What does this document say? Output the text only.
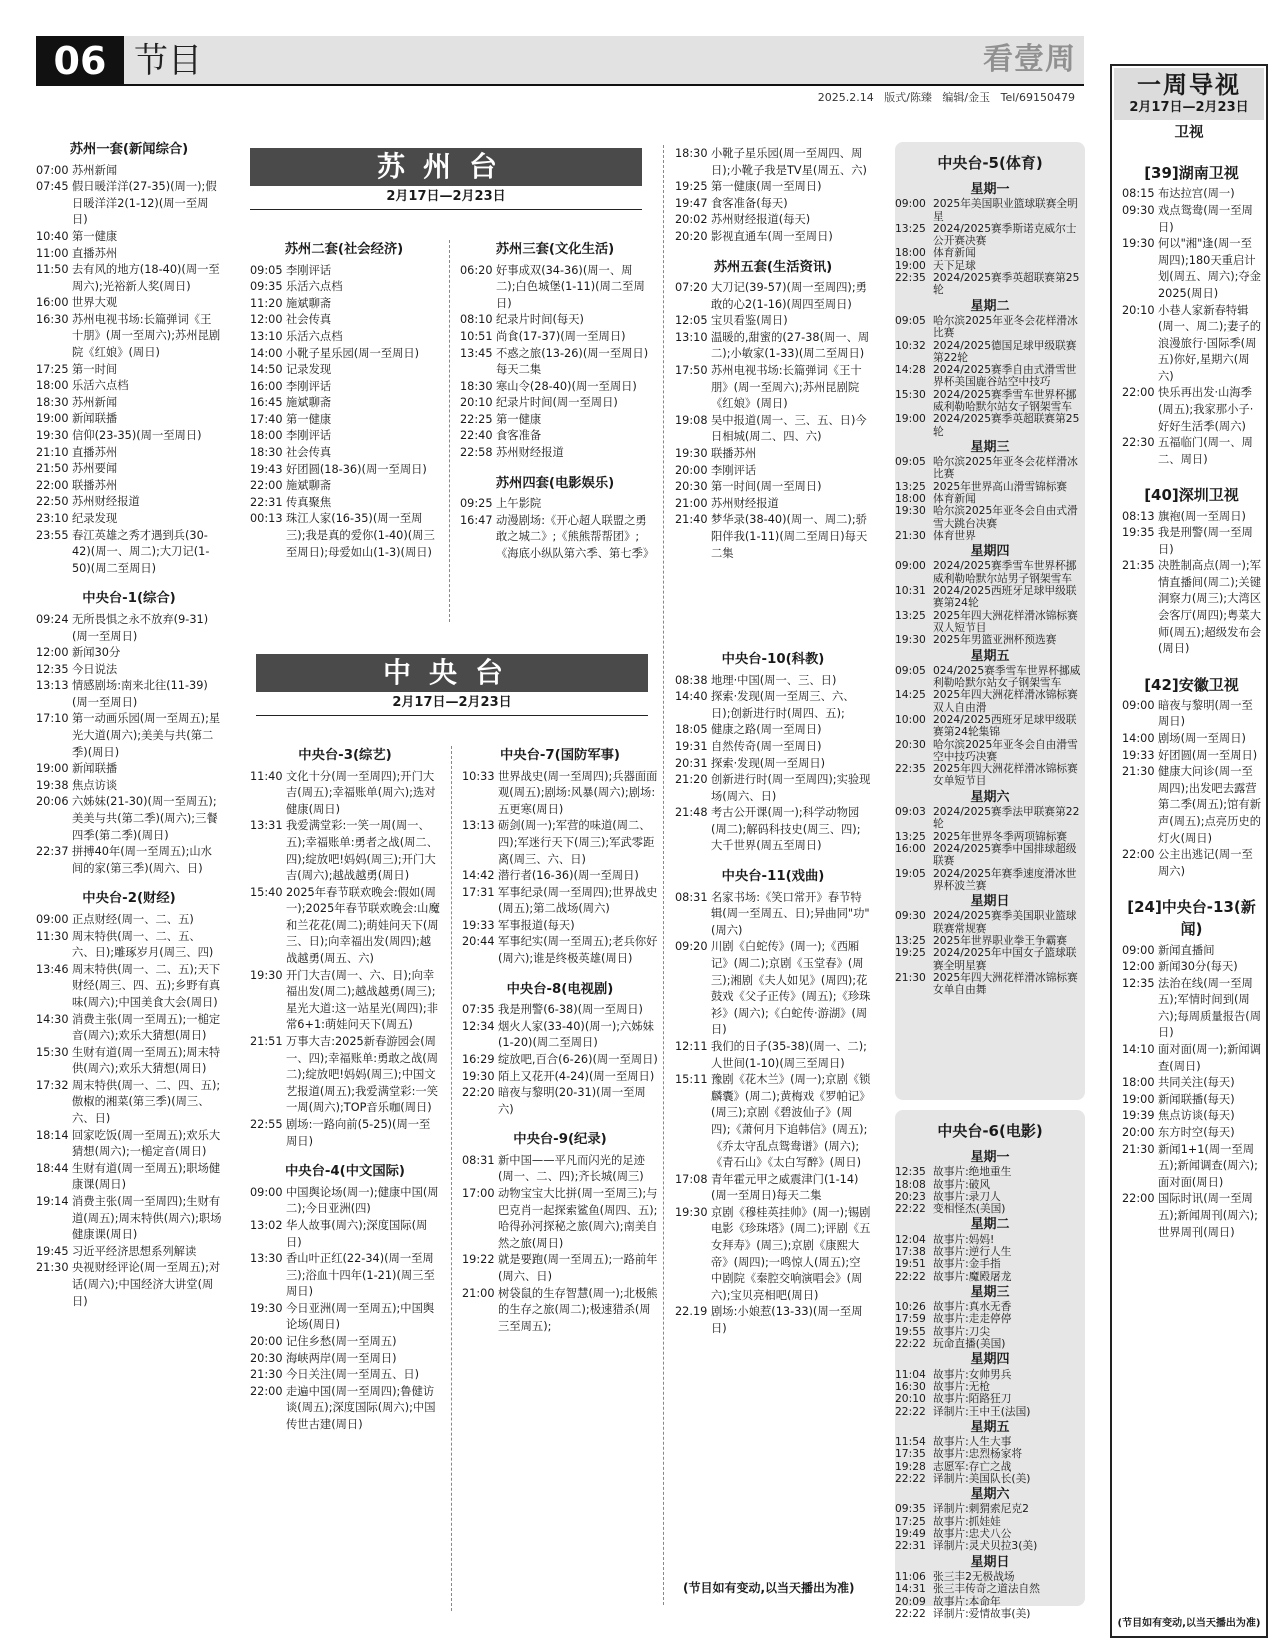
06 节目	看壹周
2025.2.14   版式/陈臻   编辑/金玉   Tel/69150479
苏州一套(新闻综合)
07:00 苏州新闻
07:45 假日暖洋洋(27-35)(周一);假日暖洋洋2(1-12)(周一至周日)
10:40 第一健康
11:00 直播苏州
11:50 去有风的地方(18-40)(周一至周六);光裕新人奖(周日)
16:00 世界大观
16:30 苏州电视书场:长篇弹词《王十朋》(周一至周六);苏州昆剧院《红娘》(周日)
17:25 第一时间
18:00 乐活六点档
18:30 苏州新闻
19:00 新闻联播
19:30 信仰(23-35)(周一至周日)
21:10 直播苏州
21:50 苏州要闻
22:00 联播苏州
22:50 苏州财经报道
23:10 纪录发现
23:55 春江英雄之秀才遇到兵(30-42)(周一、周二);大刀记(1-50)(周二至周日)
中央台-1(综合)
09:24 无所畏惧之永不放弃(9-31)(周一至周日)
12:00 新闻30分
12:35 今日说法
13:13 情感剧场:南来北往(11-39)(周一至周日)
17:10 第一动画乐园(周一至周五);星光大道(周六);美美与共(第二季)(周日)
19:00 新闻联播
19:38 焦点访谈
20:06 六姊妹(21-30)(周一至周五);美美与共(第二季)(周六);三餐四季(第二季)(周日)
22:37 拼搏40年(周一至周五);山水间的家(第三季)(周六、日)
中央台-2(财经)
09:00 正点财经(周一、二、五)
11:30 周末特供(周一、二、五、六、日);雕琢岁月(周三、四)
13:46 周末特供(周一、二、五);天下财经(周三、四、五);乡野有真味(周六);中国美食大会(周日)
14:30 消费主张(周一至周五);一槌定音(周六);欢乐大猜想(周日)
15:30 生财有道(周一至周五);周末特供(周六);欢乐大猜想(周日)
17:32 周末特供(周一、二、四、五);傲椒的湘菜(第三季)(周三、六、日)
18:14 回家吃饭(周一至周五);欢乐大猜想(周六);一槌定音(周日)
18:44 生财有道(周一至周五);职场健康课(周日)
19:14 消费主张(周一至周四);生财有道(周五);周末特供(周六);职场健康课(周日)
19:45 习近平经济思想系列解读
21:30 央视财经评论(周一至周五);对话(周六);中国经济大讲堂(周日)
苏州台
2月17日—2月23日
苏州二套(社会经济)
09:05 李刚评话
09:35 乐活六点档
11:20 施斌聊斋
12:00 社会传真
13:10 乐活六点档
14:00 小靴子星乐园(周一至周日)
14:50 记录发现
16:00 李刚评话
16:45 施斌聊斋
17:40 第一健康
18:00 李刚评话
18:30 社会传真
19:43 好团圆(18-36)(周一至周日)
22:00 施斌聊斋
22:31 传真聚焦
00:13 珠江人家(16-35)(周一至周三);我是真的爱你(1-40)(周三至周日);母爱如山(1-3)(周日)
苏州三套(文化生活)
06:20 好事成双(34-36)(周一、周二);白色城堡(1-11)(周二至周日)
08:10 纪录片时间(每天)
10:51 尚食(17-37)(周一至周日)
13:45 不惑之旅(13-26)(周一至周日)每天二集
18:30 寒山令(28-40)(周一至周日)
20:10 纪录片时间(周一至周日)
22:25 第一健康
22:40 食客准备
22:58 苏州财经报道
苏州四套(电影娱乐)
09:25 上午影院
16:47 动漫剧场:《开心超人联盟之勇敢之城二》;《熊熊帮帮团》;《海底小纵队第六季、第七季》
18:30 小靴子星乐园(周一至周四、周日);小靴子我是TV星(周五、六)
19:25 第一健康(周一至周日)
19:47 食客准备(每天)
20:02 苏州财经报道(每天)
20:20 影视直通车(周一至周日)
苏州五套(生活资讯)
07:20 大刀记(39-57)(周一至周四);勇敢的心2(1-16)(周四至周日)
12:05 宝贝看鉴(周日)
13:10 温暖的,甜蜜的(27-38(周一、周二);小敏家(1-33)(周二至周日)
17:50 苏州电视书场:长篇弹词《王十朋》(周一至周六);苏州昆剧院《红娘》(周日)
19:08 吴中报道(周一、三、五、日)今日相城(周二、四、六)
19:30 联播苏州
20:00 李刚评话
20:30 第一时间(周一至周日)
21:00 苏州财经报道
21:40 梦华录(38-40)(周一、周二);骄阳伴我(1-11)(周二至周日)每天二集
中央台
2月17日—2月23日
中央台-3(综艺)
11:40 文化十分(周一至周四);开门大吉(周五);幸福账单(周六);选对健康(周日)
13:31 我爱满堂彩:一笑一周(周一、五);幸福账单:勇者之战(周二、四);绽放吧!妈妈(周三);开门大吉(周六);越战越勇(周日)
15:40 2025年春节联欢晚会:假如(周一);2025年春节联欢晚会:山魔和兰花花(周二);萌娃问天下(周三、日);向幸福出发(周四);越战越勇(周五、六)
19:30 开门大吉(周一、六、日);向幸福出发(周二);越战越勇(周三);星光大道:这一站星光(周四);非常6+1:萌娃问天下(周五)
21:51 万事大吉:2025新春游园会(周一、四);幸福账单:勇敢之战(周二);绽放吧!妈妈(周三);中国文艺报道(周五);我爱满堂彩:一笑一周(周六);TOP音乐咖(周日)
22:55 剧场:一路向前(5-25)(周一至周日)
中央台-4(中文国际)
09:00 中国舆论场(周一);健康中国(周二);今日亚洲(四)
13:02 华人故事(周六);深度国际(周日)
13:30 香山叶正红(22-34)(周一至周三);浴血十四年(1-21)(周三至周日)
19:30 今日亚洲(周一至周五);中国舆论场(周日)
20:00 记住乡愁(周一至周五)
20:30 海峡两岸(周一至周日)
21:30 今日关注(周一至周五、日)
22:00 走遍中国(周一至周四);鲁健访谈(周五);深度国际(周六);中国传世古建(周日)
中央台-7(国防军事)
10:33 世界战史(周一至周四);兵器面面观(周五);剧场:风暴(周六);剧场:五更寒(周日)
13:13 砺剑(周一);军营的味道(周二、四);军迷行天下(周三);军武零距离(周三、六、日)
14:42 潜行者(16-36)(周一至周日)
17:31 军事纪录(周一至周四);世界战史(周五);第二战场(周六)
19:33 军事报道(每天)
20:44 军事纪实(周一至周五);老兵你好(周六);谁是终极英雄(周日)
中央台-8(电视剧)
07:35 我是刑警(6-38)(周一至周日)
12:34 烟火人家(33-40)(周一);六姊妹(1-20)(周二至周日)
16:29 绽放吧,百合(6-26)(周一至周日)
19:30 陌上又花开(4-24)(周一至周日)
22:20 暗夜与黎明(20-31)(周一至周六)
中央台-9(纪录)
08:31 新中国——平凡而闪光的足迹(周一、二、四);齐长城(周三)
17:00 动物宝宝大比拼(周一至周三);与巴克肖一起探索鲨鱼(周四、五);哈得孙河探秘之旅(周六);南美自然之旅(周日)
19:22 就是要跑(周一至周五);一路前年(周六、日)
21:00 树袋鼠的生存智慧(周一);北极熊的生存之旅(周二);极速猎杀(周三至周五);
中央台-10(科教)
08:38 地理·中国(周一、三、日)
14:40 探索·发现(周一至周三、六、日);创新进行时(周四、五);
18:05 健康之路(周一至周日)
19:31 自然传奇(周一至周日)
20:31 探索·发现(周一至周日)
21:20 创新进行时(周一至周四);实验现场(周六、日)
21:48 考古公开课(周一);科学动物园(周二);解码科技史(周三、四);大千世界(周五至周日)
中央台-11(戏曲)
08:31 名家书场:《笑口常开》春节特辑(周一至周五、日);异曲同"功"(周六)
09:20 川剧《白蛇传》(周一);《西厢记》(周二);京剧《玉堂春》(周三);湘剧《夫人如见》(周四);花鼓戏《父子正传》(周五);《珍珠衫》(周六);《白蛇传·游湖》(周日)
12:11 我们的日子(35-38)(周一、二);人世间(1-10)(周三至周日)
15:11 豫剧《花木兰》(周一);京剧《锁麟囊》(周二);黄梅戏《罗帕记》(周三);京剧《碧波仙子》(周四);《萧何月下追韩信》(周五);《乔太守乱点鸳鸯谱》(周六);《青石山》《太白写醉》(周日)
17:08 青年霍元甲之威震津门(1-14)(周一至周日)每天二集
19:30 京剧《穆桂英挂帅》(周一);锡剧电影《珍珠塔》(周二);评剧《五女拜寿》(周三);京剧《康熙大帝》(周四);一鸣惊人(周五);空中剧院《秦腔交响演唱会》(周六);宝贝亮相吧(周日)
22.19 剧场:小娘惹(13-33)(周一至周日)
(节目如有变动,以当天播出为准)
中央台-5(体育)
星期一
09:00 2025年美国职业篮球联赛全明星
13:25 2024/2025赛季斯诺克威尔士公开赛决赛
18:00 体育新闻
19:00 天下足球
22:35 2024/2025赛季英超联赛第25轮
星期二
09:05 哈尔滨2025年亚冬会花样滑冰比赛
10:32 2024/2025德国足球甲级联赛第22轮
14:28 2024/2025赛季自由式滑雪世界杯美国鹿谷站空中技巧
15:30 2024/2025赛季雪车世界杯挪威利勒哈默尔站女子钢架雪车
19:00 2024/2025赛季英超联赛第25轮
星期三
09:05 哈尔滨2025年亚冬会花样滑冰比赛
13:25 2025年世界高山滑雪锦标赛
18:00 体育新闻
19:30 哈尔滨2025年亚冬会自由式滑雪大跳台决赛
21:30 体育世界
星期四
09:00 2024/2025赛季雪车世界杯挪威利勒哈默尔站男子钢架雪车
10:31 2024/2025西班牙足球甲级联赛第24轮
13:25 2025年四大洲花样滑冰锦标赛双人短节目
19:30 2025年男篮亚洲杯预选赛
星期五
09:05 024/2025赛季雪车世界杯挪威利勒哈默尔站女子钢架雪车
14:25 2025年四大洲花样滑冰锦标赛双人自由滑
10:00 2024/2025西班牙足球甲级联赛第24轮集锦
20:30 哈尔滨2025年亚冬会自由滑雪空中技巧决赛
22:35 2025年四大洲花样滑冰锦标赛女单短节目
星期六
09:03 2024/2025赛季法甲联赛第22轮
13:25 2025年世界冬季两项锦标赛
16:00 2024/2025赛季中国排球超级联赛
19:05 2024/2025年赛季速度滑冰世界杯波兰赛
星期日
09:30 2024/2025赛季美国职业篮球联赛常规赛
13:25 2025年世界职业拳王争霸赛
19:25 2024/2025年中国女子篮球联赛全明星赛
21:30 2025年四大洲花样滑冰锦标赛女单自由舞
中央台-6(电影)
星期一
12:35 故事片:绝地重生
18:08 故事片:破风
20:23 故事片:录刀人
22:22 变相怪杰(美国)
星期二
12:04 故事片:妈妈!
17:38 故事片:逆行人生
19:51 故事片:金手指
22:22 故事片:魔殿屠龙
星期三
10:26 故事片:真水无香
17:59 故事片:走走停停
19:55 故事片:刀尖
22:22 玩命直播(美国)
星期四
11:04 故事片:女帅男兵
16:30 故事片:无枪
20:10 故事片:陌路狂刀
22:22 译制片:王中王(法国)
星期五
11:54 故事片:人生大事
17:35 故事片:忠烈杨家将
19:28 志愿军:存亡之战
22:22 译制片:美国队长(美)
星期六
09:35 译制片:刺猬索尼克2
17:25 故事片:抓娃娃
19:49 故事片:忠犬八公
22:31 译制片:灵犬贝拉3(美)
星期日
11:06 张三丰2无极战场
14:31 张三丰传奇之道法自然
20:09 故事片:本命年
22:22 译制片:爱情故事(美)
一周导视
2月17日—2月23日
卫视
[39]湖南卫视
08:15 布达拉宫(周一)
09:30 戏点鸳鸯(周一至周日)
19:30 何以"湘"逢(周一至周四);180天重启计划(周五、周六);夺金2025(周日)
20:10 小巷人家新春特辑(周一、周二);妻子的浪漫旅行·国际季(周五)你好,星期六(周六)
22:00 快乐再出发·山海季(周五);我家那小子·好好生活季(周六)
22:30 五福临门(周一、周二、周日)
[40]深圳卫视
08:13 旗袍(周一至周日)
19:35 我是刑警(周一至周日)
21:35 决胜制高点(周一);军情直播间(周二);关键洞察力(周三);大湾区会客厅(周四);粤菜大师(周五);超级发布会(周日)
[42]安徽卫视
09:00 暗夜与黎明(周一至周日)
14:00 剧场(周一至周日)
19:33 好团圆(周一至周日)
21:30 健康大问诊(周一至周四);出发吧去露营第二季(周五);馆有新声(周五);点亮历史的灯火(周日)
22:00 公主出逃记(周一至周六)
[24]中央台-13(新闻)
09:00 新闻直播间
12:00 新闻30分(每天)
12:35 法治在线(周一至周五);军情时间到(周六);每周质量报告(周日)
14:10 面对面(周一);新闻调查(周日)
18:00 共同关注(每天)
19:00 新闻联播(每天)
19:39 焦点访谈(每天)
20:00 东方时空(每天)
21:30 新闻1+1(周一至周五);新闻调查(周六);面对面(周日)
22:00 国际时讯(周一至周五);新闻周刊(周六);世界周刊(周日)
(节目如有变动,以当天播出为准)
